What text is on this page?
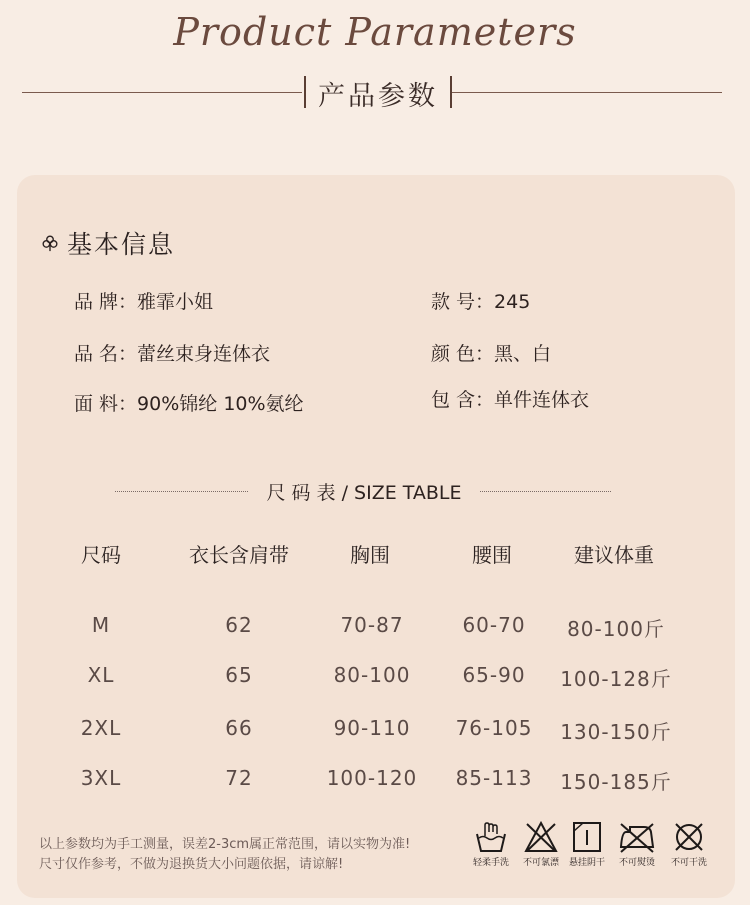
Product Parameters
产品参数
基本信息
品 牌：雅霏小姐	款 号：245
品 名：蕾丝束身连体衣	颜 色：黑、白
面 料：90%锦纶 10%氨纶	包 含：单件连体衣
尺 码 表 / SIZE TABLE
尺码	衣长含肩带	胸围	腰围	建议体重
M	62	70-87	60-70	80-100斤
XL	65	80-100	65-90	100-128斤
2XL	66	90-110	76-105	130-150斤
3XL	72	100-120	85-113	150-185斤
以上参数均为手工测量，误差2-3cm属正常范围，请以实物为准!
尺寸仅作参考，不做为退换货大小问题依据，请谅解!	轻柔手洗	不可氯漂	悬挂阴干	不可熨烫	不可干洗
